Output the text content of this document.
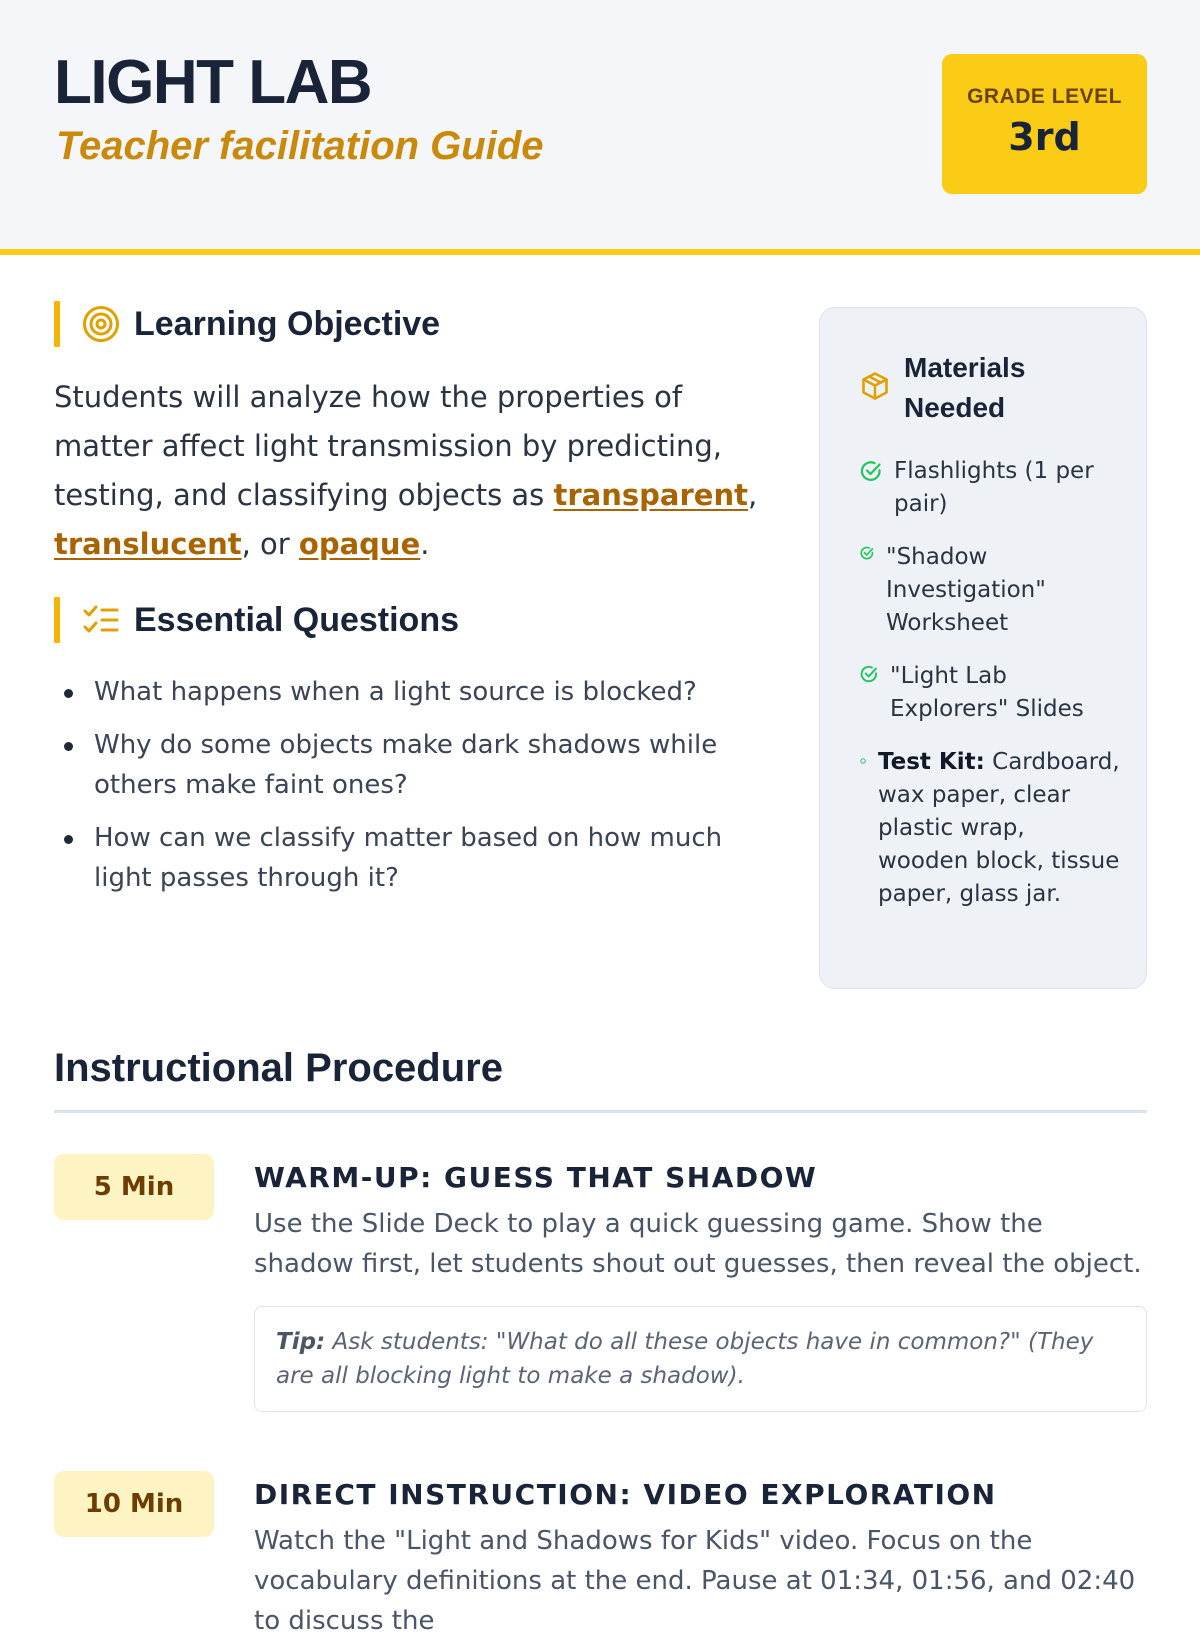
LIGHT LAB
Teacher facilitation Guide
GRADE LEVEL
3rd
Learning Objective

Students will analyze how the properties of matter affect light transmission by predicting, testing, and classifying objects as transparent, translucent, or opaque.

Essential Questions
What happens when a light source is blocked?
Why do some objects make dark shadows while others make faint ones?
How can we classify matter based on how much light passes through it?
Materials Needed
Flashlights (1 per pair)
"Shadow Investigation" Worksheet
"Light Lab Explorers" Slides
Test Kit: Cardboard, wax paper, clear plastic wrap, wooden block, tissue paper, glass jar.
Instructional Procedure
5 Min	WARM-UP: GUESS THAT SHADOW
Use the Slide Deck to play a quick guessing game. Show the shadow first, let students shout out guesses, then reveal the object.
Tip: Ask students: "What do all these objects have in common?" (They are all blocking light to make a shadow).
10 Min	DIRECT INSTRUCTION: VIDEO EXPLORATION
Watch the "Light and Shadows for Kids" video. Focus on the vocabulary definitions at the end. Pause at 01:34, 01:56, and 02:40 to discuss the
